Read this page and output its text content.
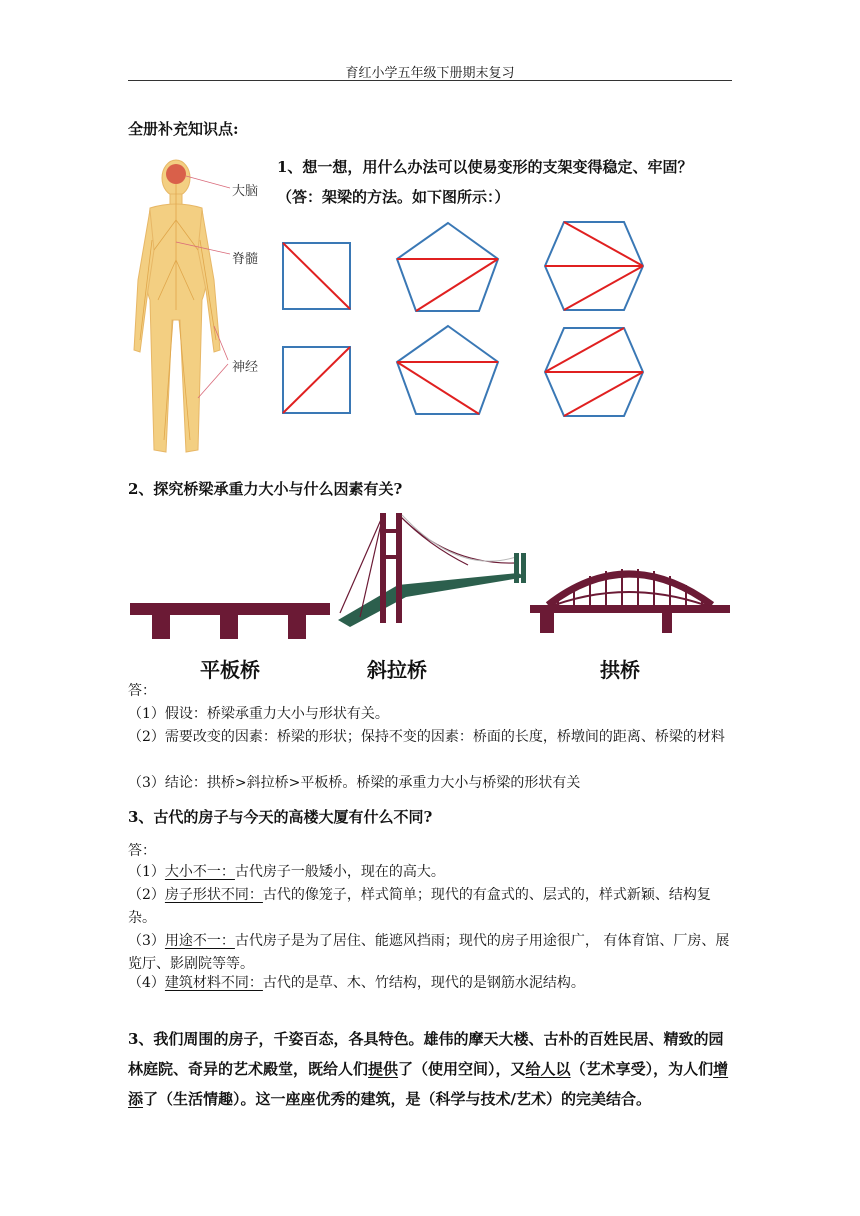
育红小学五年级下册期末复习
全册补充知识点:
大脑
脊髓
神经
1、想一想，用什么办法可以使易变形的支架变得稳定、牢固？（答：架梁的方法。如下图所示：）
2、探究桥梁承重力大小与什么因素有关?
平板桥	斜拉桥	拱桥
答：
（1）假设：桥梁承重力大小与形状有关。
（2）需要改变的因素：桥梁的形状；保持不变的因素：桥面的长度，桥墩间的距离、桥梁的材料
（3）结论：拱桥>斜拉桥>平板桥。桥梁的承重力大小与桥梁的形状有关
3、古代的房子与今天的高楼大厦有什么不同?
答：
（1）大小不一：古代房子一般矮小，现在的高大。
（2）房子形状不同：古代的像笼子，样式简单；现代的有盒式的、层式的，样式新颖、结构复杂。
（3）用途不一：古代房子是为了居住、能遮风挡雨；现代的房子用途很广， 有体育馆、厂房、展览厅、影剧院等等。
（4）建筑材料不同：古代的是草、木、竹结构，现代的是钢筋水泥结构。
3、我们周围的房子，千姿百态，各具特色。雄伟的摩天大楼、古朴的百姓民居、精致的园林庭院、奇异的艺术殿堂，既给人们提供了（使用空间），又给人以（艺术享受），为人们增添了（生活情趣）。这一座座优秀的建筑，是（科学与技术/艺术）的完美结合。
